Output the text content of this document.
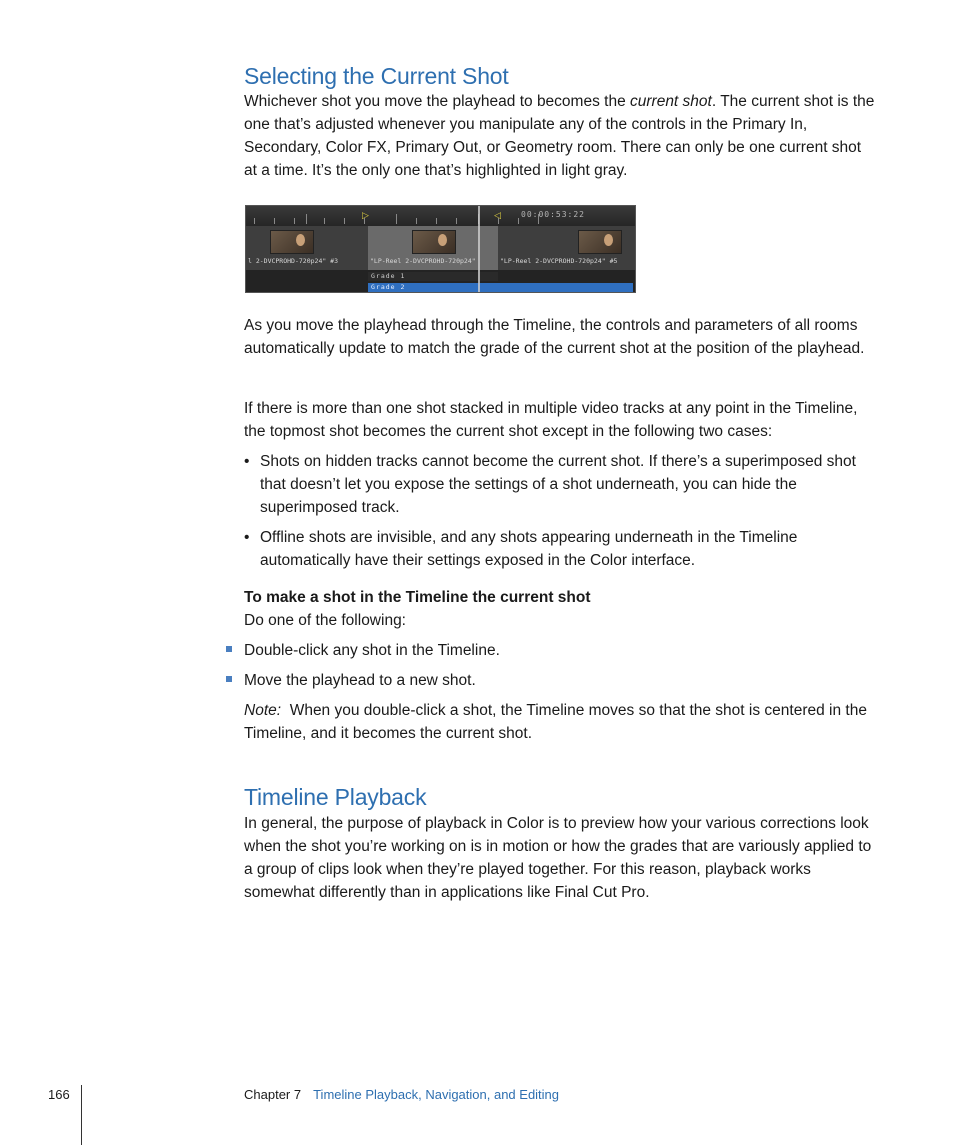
Selecting the Current Shot

Whichever shot you move the playhead to becomes the current shot. The current shot is the one that’s adjusted whenever you manipulate any of the controls in the Primary In, Secondary, Color FX, Primary Out, or Geometry room. There can only be one current shot at a time. It’s the only one that’s highlighted in light gray.

▷	◁	00:00:53:22
l 2-DVCPROHD-720p24" #3	"LP-Reel 2-DVCPROHD-720p24"	"LP-Reel 2-DVCPROHD-720p24" #5
Grade 1
Grade 2

As you move the playhead through the Timeline, the controls and parameters of all rooms automatically update to match the grade of the current shot at the position of the playhead.

If there is more than one shot stacked in multiple video tracks at any point in the Timeline, the topmost shot becomes the current shot except in the following two cases:

• Shots on hidden tracks cannot become the current shot. If there’s a superimposed shot that doesn’t let you expose the settings of a shot underneath, you can hide the superimposed track.
• Offline shots are invisible, and any shots appearing underneath in the Timeline automatically have their settings exposed in the Color interface.

To make a shot in the Timeline the current shot

Do one of the following:

Double-click any shot in the Timeline.
Move the playhead to a new shot.

Note: When you double-click a shot, the Timeline moves so that the shot is centered in the Timeline, and it becomes the current shot.

Timeline Playback

In general, the purpose of playback in Color is to preview how your various corrections look when the shot you’re working on is in motion or how the grades that are variously applied to a group of clips look when they’re played together. For this reason, playback works somewhat differently than in applications like Final Cut Pro.

166	Chapter 7 Timeline Playback, Navigation, and Editing
